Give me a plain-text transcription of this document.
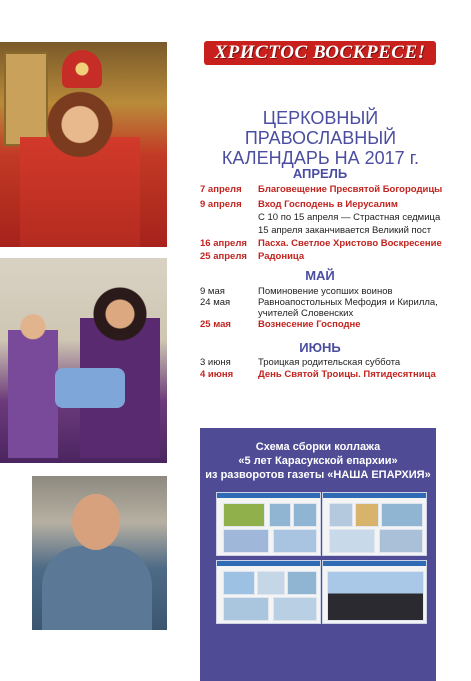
ХРИСТОС ВОСКРЕСЕ!
ЦЕРКОВНЫЙ ПРАВОСЛАВНЫЙ
КАЛЕНДАРЬ НА 2017 г.
АПРЕЛЬ
МАЙ
ИЮНЬ
7 апреля Благовещение Пресвятой Богородицы
9 апреля Вход Господень в Иерусалим
С 10 по 15 апреля — Страстная седмица
15 апреля заканчивается Великий пост
16 апреля Пасха. Светлое Христово Воскресение
25 апреля Радоница
9 мая	Поминовение усопших воинов
24 мая	Равноапостольных Мефодия и Кирилла,
учителей Словенских
25 мая	Вознесение Господне
3 июня	Троицкая родительская суббота
4 июня	День Святой Троицы. Пятидесятница
Схема сборки коллажа
«5 лет Карасукской епархии»
из разворотов газеты «НАША ЕПАРХИЯ»
